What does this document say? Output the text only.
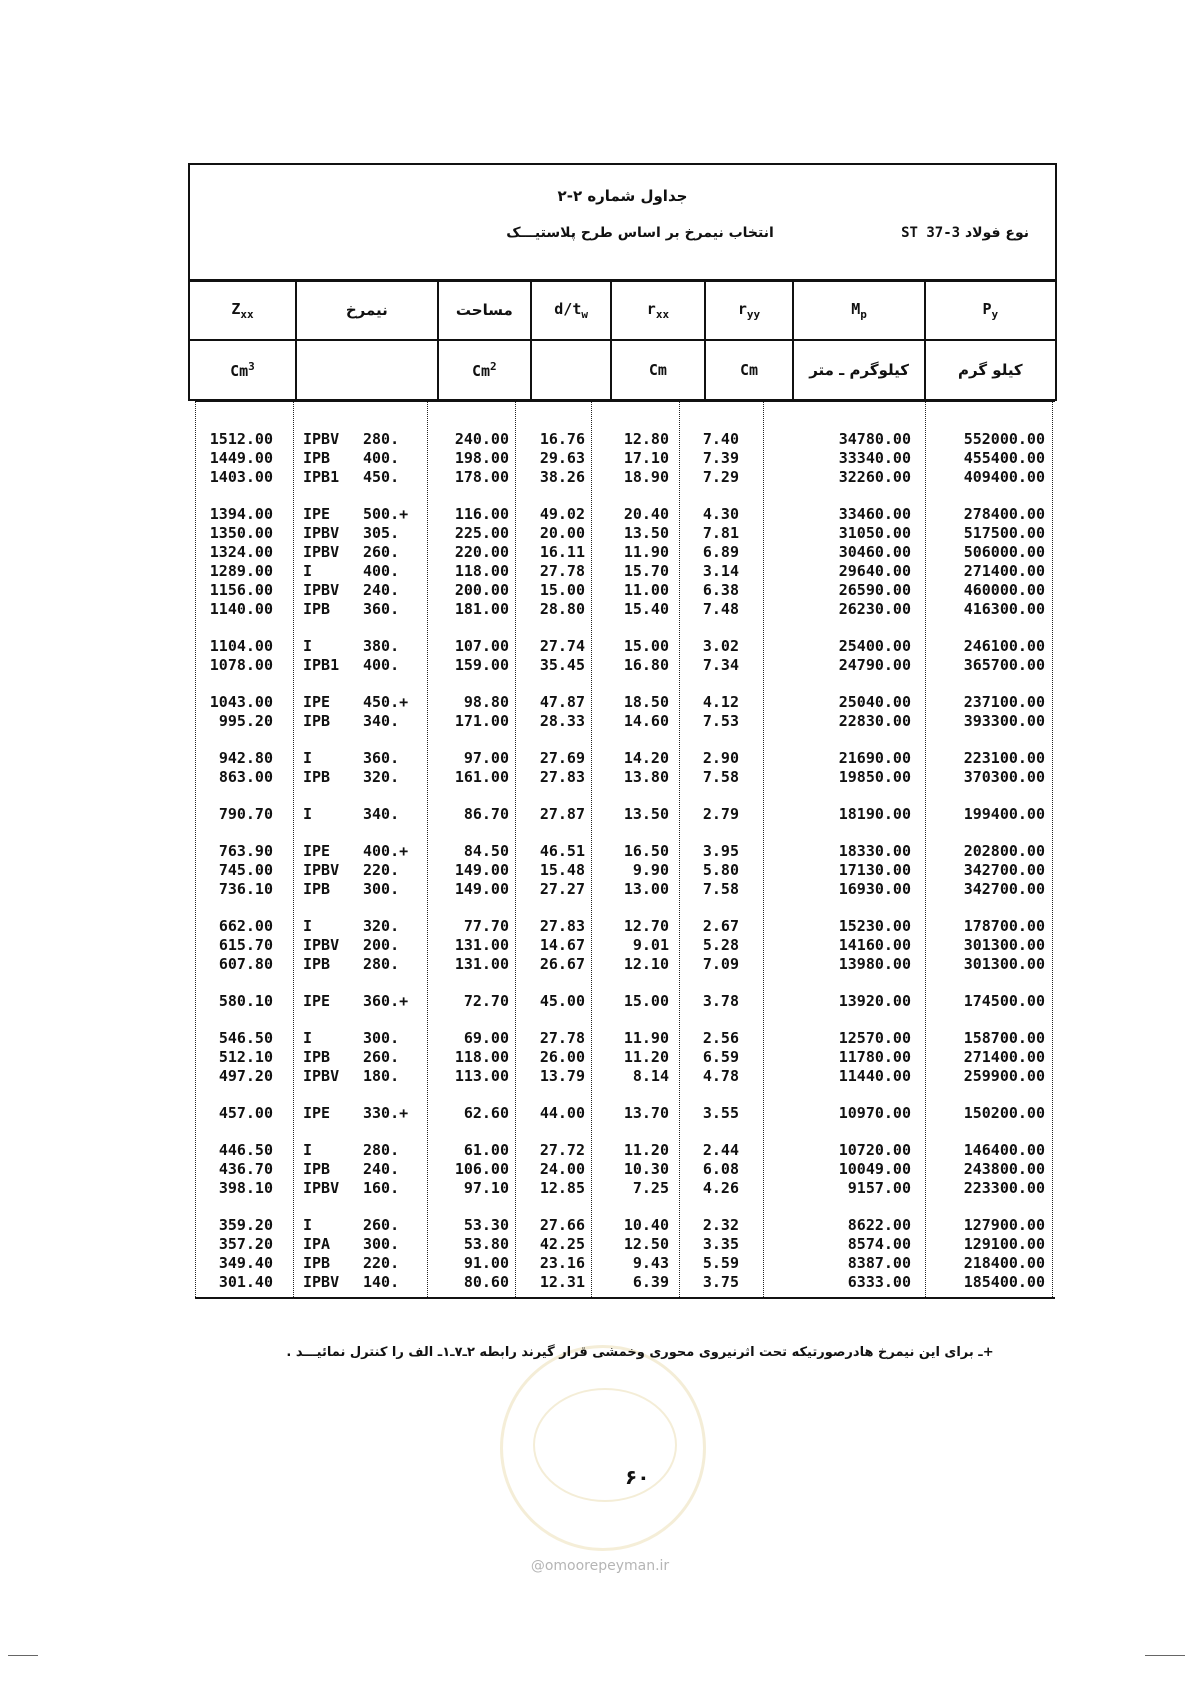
جداول شماره ۲-۲
انتخاب نیمرخ بر اساس طرح پلاستیـــک	نوع فولاد ST 37-3
$Z_{xx}$	نیمرخ	مساحت	$d/t_w$	$r_{xx}$	$r_{yy}$	$M_p$	$P_y$
Cm$^3$		Cm$^2$		Cm	Cm	کیلوگرم ـ متر	کیلو گرم
1512.00 IPBV	280.	240.00	16.76	12.80	7.40	34780.00	552000.00
1449.00 IPB	400.	198.00	29.63	17.10	7.39	33340.00	455400.00
1403.00 IPB1	450.	178.00	38.26	18.90	7.29	32260.00	409400.00
1394.00 IPE	500.+	116.00	49.02	20.40	4.30	33460.00	278400.00
1350.00 IPBV	305.	225.00	20.00	13.50	7.81	31050.00	517500.00
1324.00 IPBV	260.	220.00	16.11	11.90	6.89	30460.00	506000.00
1289.00 I	400.	118.00	27.78	15.70	3.14	29640.00	271400.00
1156.00 IPBV	240.	200.00	15.00	11.00	6.38	26590.00	460000.00
1140.00 IPB	360.	181.00	28.80	15.40	7.48	26230.00	416300.00
1104.00 I	380.	107.00	27.74	15.00	3.02	25400.00	246100.00
1078.00 IPB1	400.	159.00	35.45	16.80	7.34	24790.00	365700.00
1043.00 IPE	450.+	98.80	47.87	18.50	4.12	25040.00	237100.00
995.20 IPB	340.	171.00	28.33	14.60	7.53	22830.00	393300.00
942.80 I	360.	97.00	27.69	14.20	2.90	21690.00	223100.00
863.00 IPB	320.	161.00	27.83	13.80	7.58	19850.00	370300.00
790.70 I	340.	86.70	27.87	13.50	2.79	18190.00	199400.00
763.90 IPE	400.+	84.50	46.51	16.50	3.95	18330.00	202800.00
745.00 IPBV	220.	149.00	15.48	9.90	5.80	17130.00	342700.00
736.10 IPB	300.	149.00	27.27	13.00	7.58	16930.00	342700.00
662.00 I	320.	77.70	27.83	12.70	2.67	15230.00	178700.00
615.70 IPBV	200.	131.00	14.67	9.01	5.28	14160.00	301300.00
607.80 IPB	280.	131.00	26.67	12.10	7.09	13980.00	301300.00
580.10 IPE	360.+	72.70	45.00	15.00	3.78	13920.00	174500.00
546.50 I	300.	69.00	27.78	11.90	2.56	12570.00	158700.00
512.10 IPB	260.	118.00	26.00	11.20	6.59	11780.00	271400.00
497.20 IPBV	180.	113.00	13.79	8.14	4.78	11440.00	259900.00
457.00 IPE	330.+	62.60	44.00	13.70	3.55	10970.00	150200.00
446.50 I	280.	61.00	27.72	11.20	2.44	10720.00	146400.00
436.70 IPB	240.	106.00	24.00	10.30	6.08	10049.00	243800.00
398.10 IPBV	160.	97.10	12.85	7.25	4.26	9157.00	223300.00
359.20 I	260.	53.30	27.66	10.40	2.32	8622.00	127900.00
357.20 IPA	300.	53.80	42.25	12.50	3.35	8574.00	129100.00
349.40 IPB	220.	91.00	23.16	9.43	5.59	8387.00	218400.00
301.40 IPBV	140.	80.60	12.31	6.39	3.75	6333.00	185400.00
۶۰
@omoorepeyman.ir
+ـ برای این نیمرخ هادرصورتیکه تحت اثرنیروی محوری وخمشی قرار گیرند رابطه ۲ـ۷ـ۱ـ الف را کنترل نمائیـــد .
